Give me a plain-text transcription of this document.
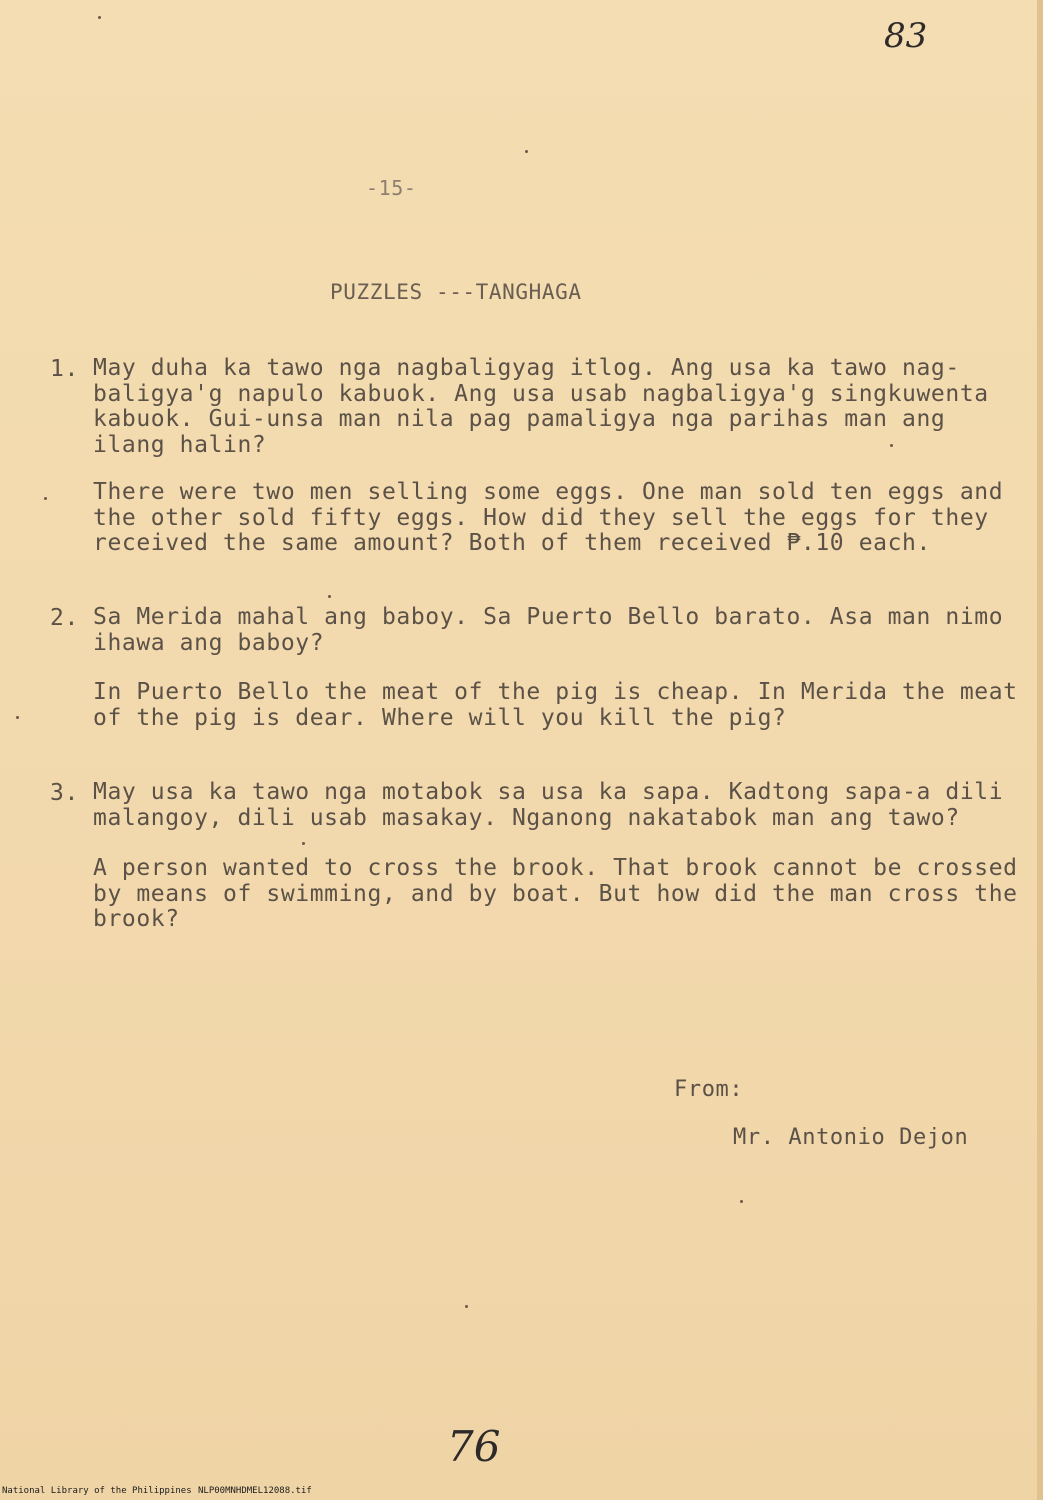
83
-15-
PUZZLES ---TANGHAGA
1. May duha ka tawo nga nagbaligyag itlog. Ang usa ka tawo nag-
baligya'g napulo kabuok. Ang usa usab nagbaligya'g singkuwenta
kabuok. Gui-unsa man nila pag pamaligya nga parihas man ang
ilang halin?
There were two men selling some eggs. One man sold ten eggs and
the other sold fifty eggs. How did they sell the eggs for they
received the same amount? Both of them received ₱.10 each.
2. Sa Merida mahal ang baboy. Sa Puerto Bello barato. Asa man nimo
ihawa ang baboy?
In Puerto Bello the meat of the pig is cheap. In Merida the meat
of the pig is dear. Where will you kill the pig?
3. May usa ka tawo nga motabok sa usa ka sapa. Kadtong sapa-a dili
malangoy, dili usab masakay. Nganong nakatabok man ang tawo?
A person wanted to cross the brook. That brook cannot be crossed
by means of swimming, and by boat. But how did the man cross the
brook?
From:
Mr. Antonio Dejon
76
National Library of the Philippines NLP00MNHDMEL12088.tif
